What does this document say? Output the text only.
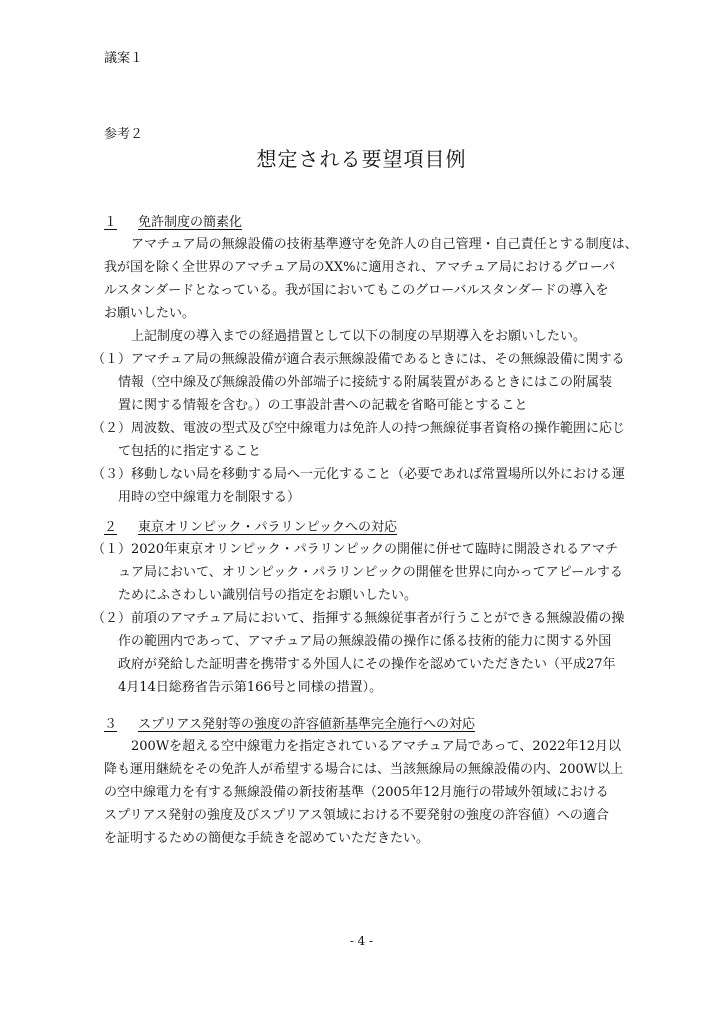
議案１
参考２
想定される要望項目例
１ 免許制度の簡素化
アマチュア局の無線設備の技術基準遵守を免許人の自己管理・自己責任とする制度は、
我が国を除く全世界のアマチュア局のXX%に適用され、アマチュア局におけるグローバ
ルスタンダードとなっている。我が国においてもこのグローバルスタンダードの導入を
お願いしたい。
上記制度の導入までの経過措置として以下の制度の早期導入をお願いしたい。
（１）アマチュア局の無線設備が適合表示無線設備であるときには、その無線設備に関する
情報（空中線及び無線設備の外部端子に接続する附属装置があるときにはこの附属装
置に関する情報を含む。）の工事設計書への記載を省略可能とすること
（２）周波数、電波の型式及び空中線電力は免許人の持つ無線従事者資格の操作範囲に応じ
て包括的に指定すること
（３）移動しない局を移動する局へ一元化すること（必要であれば常置場所以外における運
用時の空中線電力を制限する）
２ 東京オリンピック・パラリンピックへの対応
（１）2020年東京オリンピック・パラリンピックの開催に併せて臨時に開設されるアマチ
ュア局において、オリンピック・パラリンピックの開催を世界に向かってアピールする
ためにふさわしい識別信号の指定をお願いしたい。
（２）前項のアマチュア局において、指揮する無線従事者が行うことができる無線設備の操
作の範囲内であって、アマチュア局の無線設備の操作に係る技術的能力に関する外国
政府が発給した証明書を携帯する外国人にその操作を認めていただきたい（平成27年
4月14日総務省告示第166号と同様の措置）。
３ スプリアス発射等の強度の許容値新基準完全施行への対応
200Wを超える空中線電力を指定されているアマチュア局であって、2022年12月以
降も運用継続をその免許人が希望する場合には、当該無線局の無線設備の内、200W以上
の空中線電力を有する無線設備の新技術基準（2005年12月施行の帯域外領域における
スプリアス発射の強度及びスプリアス領域における不要発射の強度の許容値）への適合
を証明するための簡便な手続きを認めていただきたい。
- 4 -
